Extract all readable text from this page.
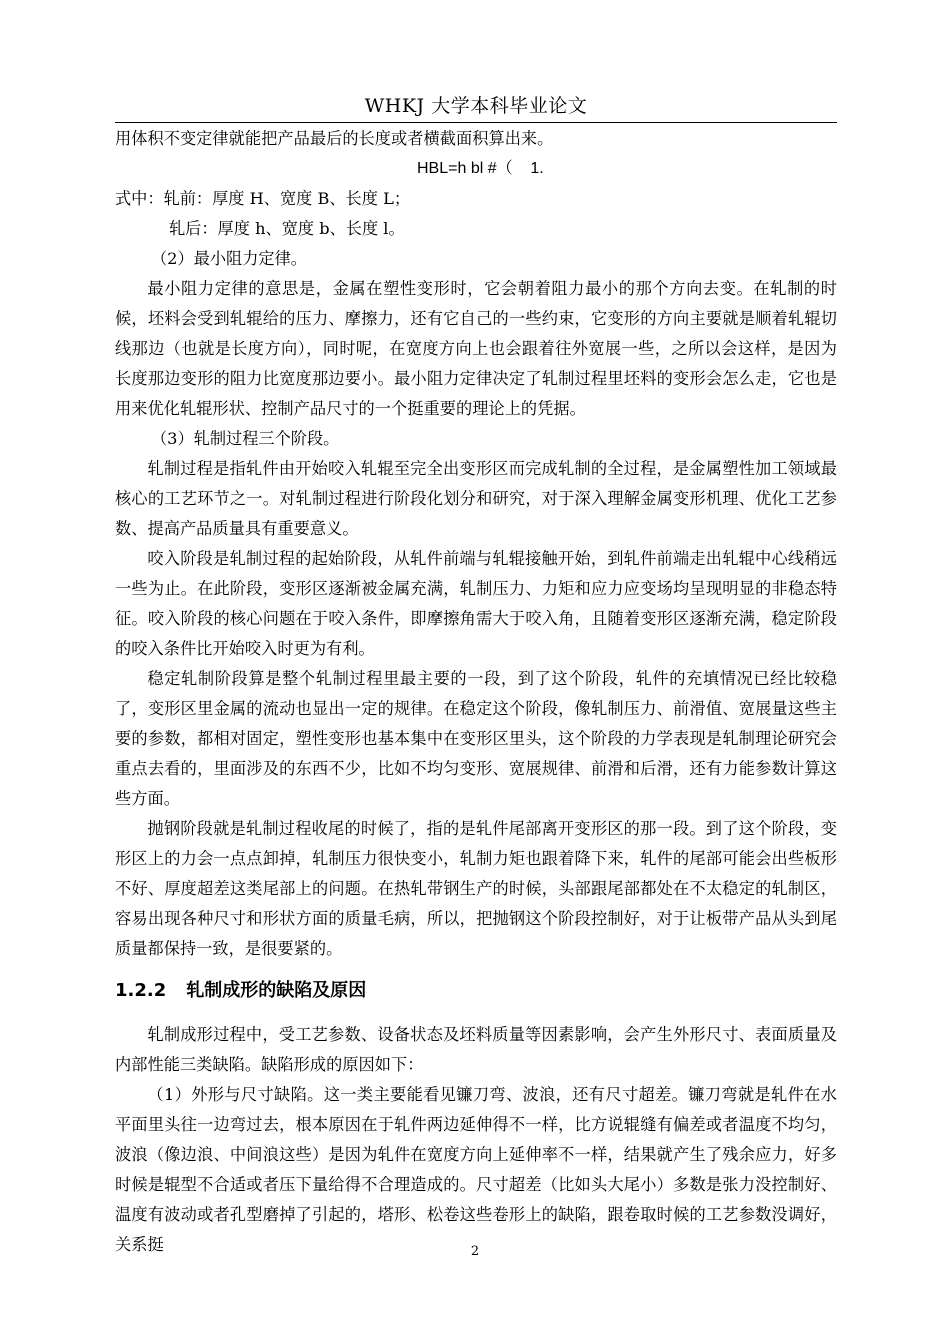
WHKJ 大学本科毕业论文

用体积不变定律就能把产品最后的长度或者横截面积算出来。

HBL=h bl #（    1.

式中：轧前：厚度 H、宽度 B、长度 L；

轧后：厚度 h、宽度 b、长度 l。

（2）最小阻力定律。

最小阻力定律的意思是，金属在塑性变形时，它会朝着阻力最小的那个方向去变。在轧制的时候，坯料会受到轧辊给的压力、摩擦力，还有它自己的一些约束，它变形的方向主要就是顺着轧辊切线那边（也就是长度方向），同时呢，在宽度方向上也会跟着往外宽展一些，之所以会这样，是因为长度那边变形的阻力比宽度那边要小。最小阻力定律决定了轧制过程里坯料的变形会怎么走，它也是用来优化轧辊形状、控制产品尺寸的一个挺重要的理论上的凭据。

（3）轧制过程三个阶段。

轧制过程是指轧件由开始咬入轧辊至完全出变形区而完成轧制的全过程，是金属塑性加工领域最核心的工艺环节之一。对轧制过程进行阶段化划分和研究，对于深入理解金属变形机理、优化工艺参数、提高产品质量具有重要意义。

咬入阶段是轧制过程的起始阶段，从轧件前端与轧辊接触开始，到轧件前端走出轧辊中心线稍远一些为止。在此阶段，变形区逐渐被金属充满，轧制压力、力矩和应力应变场均呈现明显的非稳态特征。咬入阶段的核心问题在于咬入条件，即摩擦角需大于咬入角，且随着变形区逐渐充满，稳定阶段的咬入条件比开始咬入时更为有利。

稳定轧制阶段算是整个轧制过程里最主要的一段，到了这个阶段，轧件的充填情况已经比较稳了，变形区里金属的流动也显出一定的规律。在稳定这个阶段，像轧制压力、前滑值、宽展量这些主要的参数，都相对固定，塑性变形也基本集中在变形区里头，这个阶段的力学表现是轧制理论研究会重点去看的，里面涉及的东西不少，比如不均匀变形、宽展规律、前滑和后滑，还有力能参数计算这些方面。

抛钢阶段就是轧制过程收尾的时候了，指的是轧件尾部离开变形区的那一段。到了这个阶段，变形区上的力会一点点卸掉，轧制压力很快变小，轧制力矩也跟着降下来，轧件的尾部可能会出些板形不好、厚度超差这类尾部上的问题。在热轧带钢生产的时候，头部跟尾部都处在不太稳定的轧制区，容易出现各种尺寸和形状方面的质量毛病，所以，把抛钢这个阶段控制好，对于让板带产品从头到尾质量都保持一致，是很要紧的。

1.2.2 轧制成形的缺陷及原因

轧制成形过程中，受工艺参数、设备状态及坯料质量等因素影响，会产生外形尺寸、表面质量及内部性能三类缺陷。缺陷形成的原因如下：

（1）外形与尺寸缺陷。这一类主要能看见镰刀弯、波浪，还有尺寸超差。镰刀弯就是轧件在水平面里头往一边弯过去，根本原因在于轧件两边延伸得不一样，比方说辊缝有偏差或者温度不均匀，波浪（像边浪、中间浪这些）是因为轧件在宽度方向上延伸率不一样，结果就产生了残余应力，好多时候是辊型不合适或者压下量给得不合理造成的。尺寸超差（比如头大尾小）多数是张力没控制好、温度有波动或者孔型磨掉了引起的，塔形、松卷这些卷形上的缺陷，跟卷取时候的工艺参数没调好，关系挺	2
